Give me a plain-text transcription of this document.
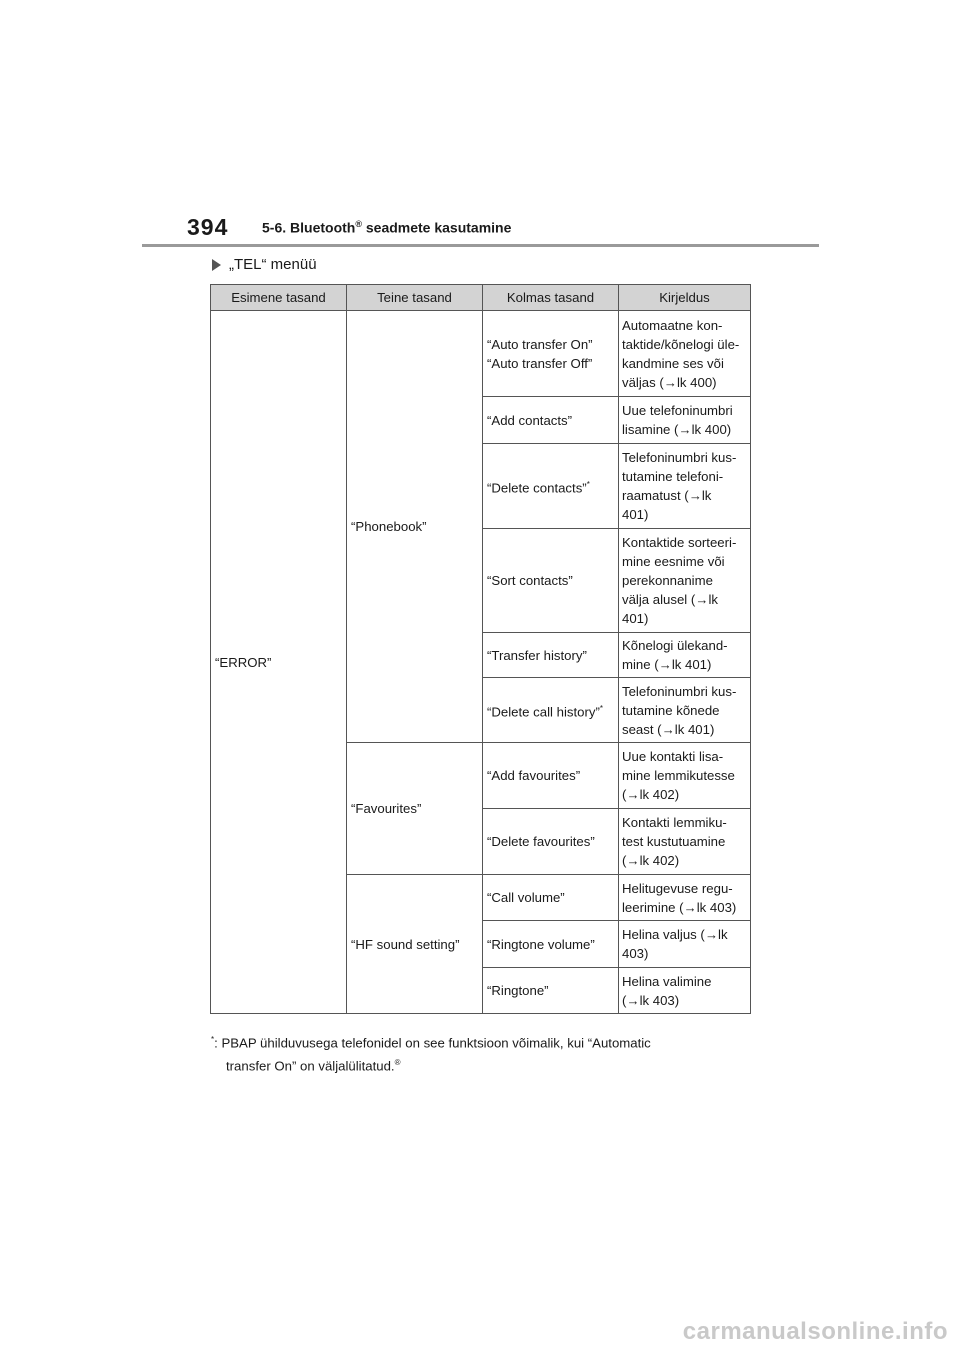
394 5-6. Bluetooth® seadmete kasutamine
„TEL“ menüü
Esimene tasand	Teine tasand	Kolmas tasand	Kirjeldus
“ERROR”	“Phonebook”	“Auto transfer On”
“Auto transfer Off”	Automaatne kon-
taktide/kõnelogi üle-
kandmine ses või
väljas (→lk 400)
		“Add contacts”	Uue telefoninumbri
lisamine (→lk 400)
		“Delete contacts”*	Telefoninumbri kus-
tutamine telefoni-
raamatust (→lk
401)
		“Sort contacts”	Kontaktide sorteeri-
mine eesnime või
perekonnanime
välja alusel (→lk
401)
		“Transfer history”	Kõnelogi ülekand-
mine (→lk 401)
		“Delete call history”*	Telefoninumbri kus-
tutamine kõnede
seast (→lk 401)
	“Favourites”	“Add favourites”	Uue kontakti lisa-
mine lemmikutesse
(→lk 402)
		“Delete favourites”	Kontakti lemmiku-
test kustutuamine
(→lk 402)
	“HF sound setting”	“Call volume”	Helitugevuse regu-
leerimine (→lk 403)
		“Ringtone volume”	Helina valjus (→lk
403)
		“Ringtone”	Helina valimine
(→lk 403)
*: PBAP ühilduvusega telefonidel on see funktsioon võimalik, kui “Automatic
transfer On” on väljalülitatud.®
carmanualsonline.info
